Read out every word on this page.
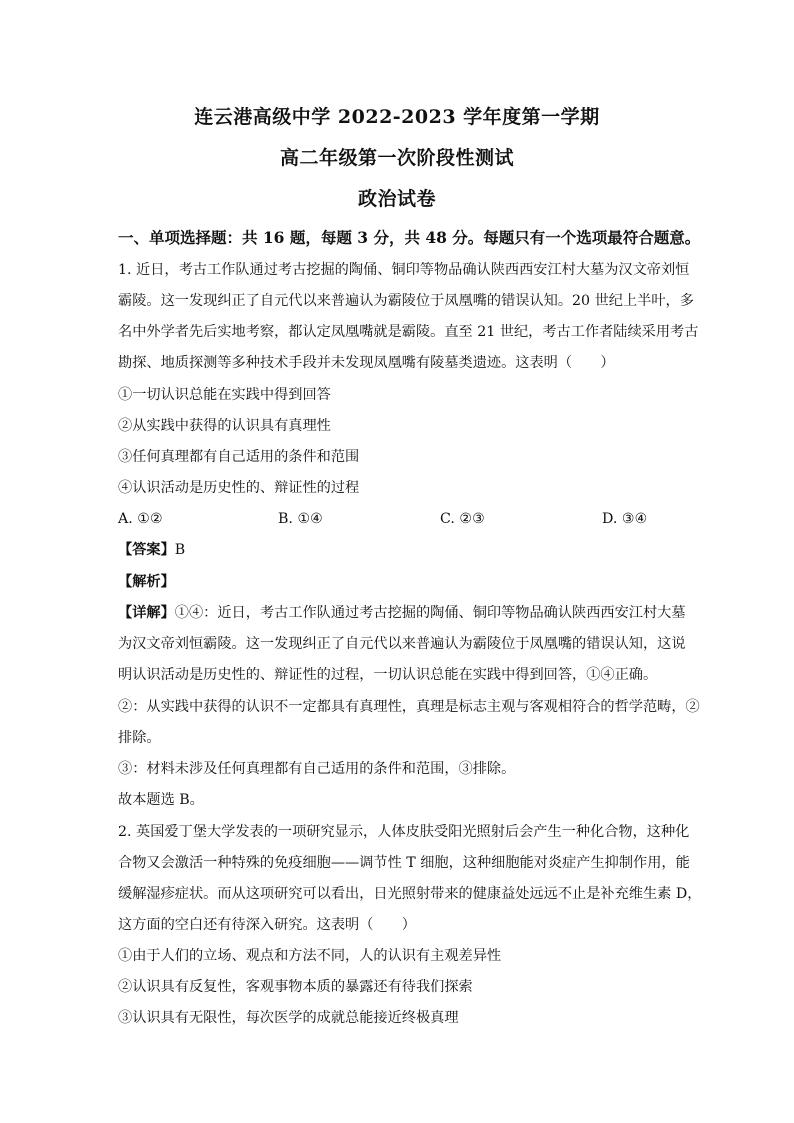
连云港高级中学 2022-2023 学年度第一学期
高二年级第一次阶段性测试
政治试卷
一、单项选择题：共 16 题，每题 3 分，共 48 分。每题只有一个选项最符合题意。
1. 近日，考古工作队通过考古挖掘的陶俑、铜印等物品确认陕西西安江村大墓为汉文帝刘恒
霸陵。这一发现纠正了自元代以来普遍认为霸陵位于凤凰嘴的错误认知。20 世纪上半叶，多
名中外学者先后实地考察，都认定凤凰嘴就是霸陵。直至 21 世纪，考古工作者陆续采用考古
勘探、地质探测等多种技术手段并未发现凤凰嘴有陵墓类遗迹。这表明（　　）
①一切认识总能在实践中得到回答
②从实践中获得的认识具有真理性
③任何真理都有自己适用的条件和范围
④认识活动是历史性的、辩证性的过程
A. ①②	B. ①④	C. ②③	D. ③④
【答案】B
【解析】
【详解】①④：近日，考古工作队通过考古挖掘的陶俑、铜印等物品确认陕西西安江村大墓
为汉文帝刘恒霸陵。这一发现纠正了自元代以来普遍认为霸陵位于凤凰嘴的错误认知，这说
明认识活动是历史性的、辩证性的过程，一切认识总能在实践中得到回答，①④正确。
②：从实践中获得的认识不一定都具有真理性，真理是标志主观与客观相符合的哲学范畴，②
排除。
③：材料未涉及任何真理都有自己适用的条件和范围，③排除。
故本题选 B。
2. 英国爱丁堡大学发表的一项研究显示，人体皮肤受阳光照射后会产生一种化合物，这种化
合物又会激活一种特殊的免疫细胞——调节性 T 细胞，这种细胞能对炎症产生抑制作用，能
缓解湿疹症状。而从这项研究可以看出，日光照射带来的健康益处远远不止是补充维生素 D，
这方面的空白还有待深入研究。这表明（　　）
①由于人们的立场、观点和方法不同，人的认识有主观差异性
②认识具有反复性，客观事物本质的暴露还有待我们探索
③认识具有无限性，每次医学的成就总能接近终极真理
